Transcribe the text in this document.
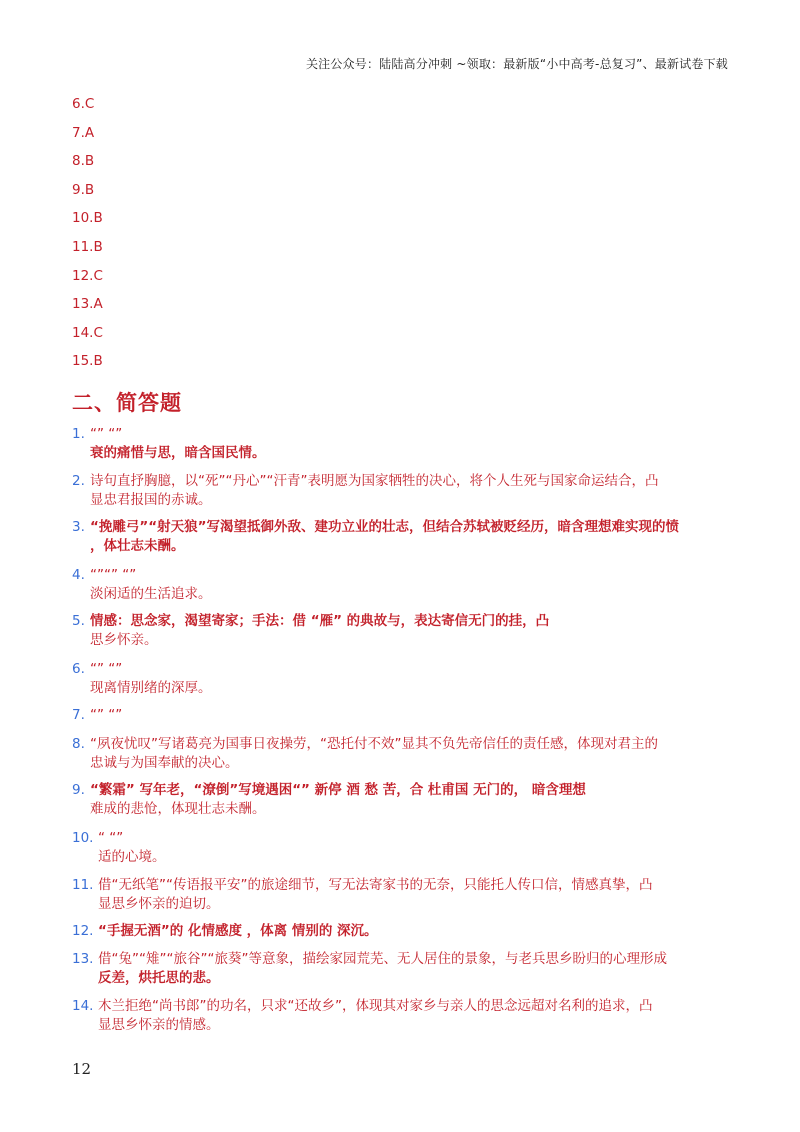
关注公众号：陆陆高分冲刺 ~领取：最新版“小中高考-总复习”、最新试卷下载
6.C
7.A
8.B
9.B
10.B
11.B
12.C
13.A
14.C
15.B
二、简答题
1. “” “”
衰的痛惜与思，暗含国民情。
2. 诗句直抒胸臆，以“死”“丹心”“汗青”表明愿为国家牺牲的决心，将个人生死与国家命运结合，凸
显忠君报国的赤诚。
3. “挽雕弓”“射天狼”写渴望抵御外敌、建功立业的壮志，但结合苏轼被贬经历，暗含理想难实现的愤
，体壮志未酬。
4. “”“” “”
淡闲适的生活追求。
5. 情感：思念家，渴望寄家；手法：借 “雁” 的典故与，表达寄信无门的挂，凸
思乡怀亲。
6. “” “”
现离情别绪的深厚。
7. “” “”
8. “夙夜忧叹”写诸葛亮为国事日夜操劳，“恐托付不效”显其不负先帝信任的责任感，体现对君主的
忠诚与为国奉献的决心。
9. “繁霜” 写年老，“潦倒”写境遇困“” 新停 酒 愁 苦，合 杜甫国 无门的， 暗含理想
难成的悲怆，体现壮志未酬。
10. “ “”
适的心境。
11. 借“无纸笔”“传语报平安”的旅途细节，写无法寄家书的无奈，只能托人传口信，情感真挚，凸
显思乡怀亲的迫切。
12. “手握无酒”的 化情感度 ，体离 情别的 深沉。
13. 借“兔”“雉”“旅谷”“旅葵”等意象，描绘家园荒芜、无人居住的景象，与老兵思乡盼归的心理形成
反差，烘托思的悲。
14. 木兰拒绝“尚书郎”的功名，只求“还故乡”，体现其对家乡与亲人的思念远超对名利的追求，凸
显思乡怀亲的情感。
12
